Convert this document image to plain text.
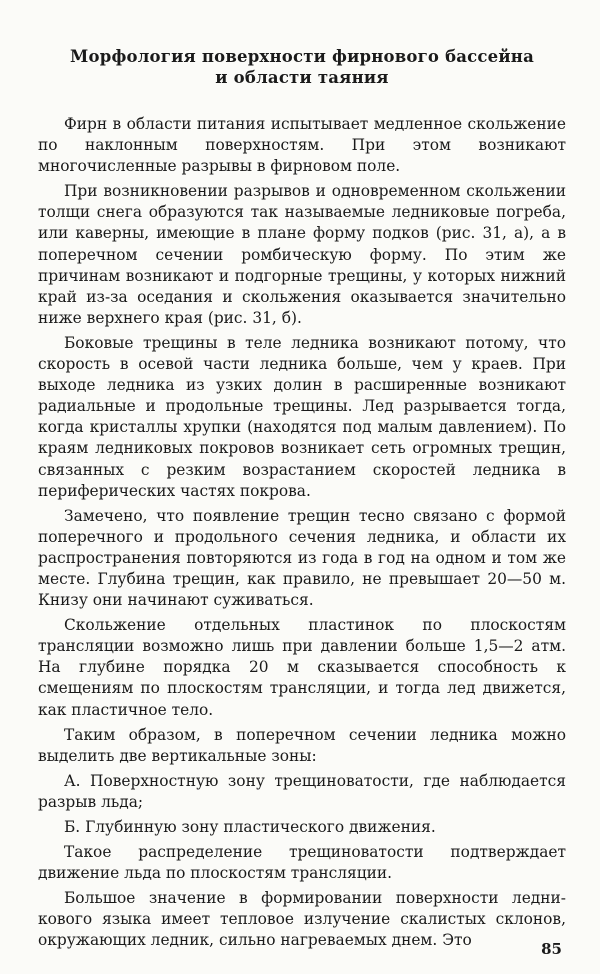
Морфология поверхности фирнового бассейна
и области таяния

Фирн в области питания испытывает медленное скольжение по наклонным поверхностям. При этом возникают многочисленные разрывы в фирновом поле.

При возникновении разрывов и одновременном скольжении толщи снега образуются так называемые ледниковые погреба, или каверны, имеющие в плане форму подков (рис. 31, а), а в поперечном сечении ромбическую форму. По этим же причинам возникают и подгорные трещины, у которых нижний край из-за оседания и скольжения оказывается значительно ниже верхнего края (рис. 31, б).

Боковые трещины в теле ледника возникают потому, что скорость в осевой части ледника больше, чем у краев. При выходе ледника из узких долин в расширенные возникают радиальные и продольные трещины. Лед разрывается тогда, когда кристаллы хрупки (находятся под малым давлением). По краям ледниковых покровов возникает сеть огромных трещин, связанных с резким возрастанием скоростей ледника в периферических частях покрова.

Замечено, что появление трещин тесно связано с формой поперечного и продольного сечения ледника, и области их распространения повторяются из года в год на одном и том же месте. Глубина трещин, как правило, не превышает 20—50 м. Книзу они начинают суживаться.

Скольжение отдельных пластинок по плоскостям трансляции возможно лишь при давлении больше 1,5—2 атм. На глубине порядка 20 м сказывается способность к смещениям по плоскостям трансляции, и тогда лед движется, как пластичное тело.

Таким образом, в поперечном сечении ледника можно выделить две вертикальные зоны:

А. Поверхностную зону трещиноватости, где наблюдается разрыв льда;

Б. Глубинную зону пластического движения.

Такое распределение трещиноватости подтверждает движение льда по плоскостям трансляции.

Большое значение в формировании поверхности ледникового языка имеет тепловое излучение скалистых склонов, окружающих ледник, сильно нагреваемых днем. Это	85
